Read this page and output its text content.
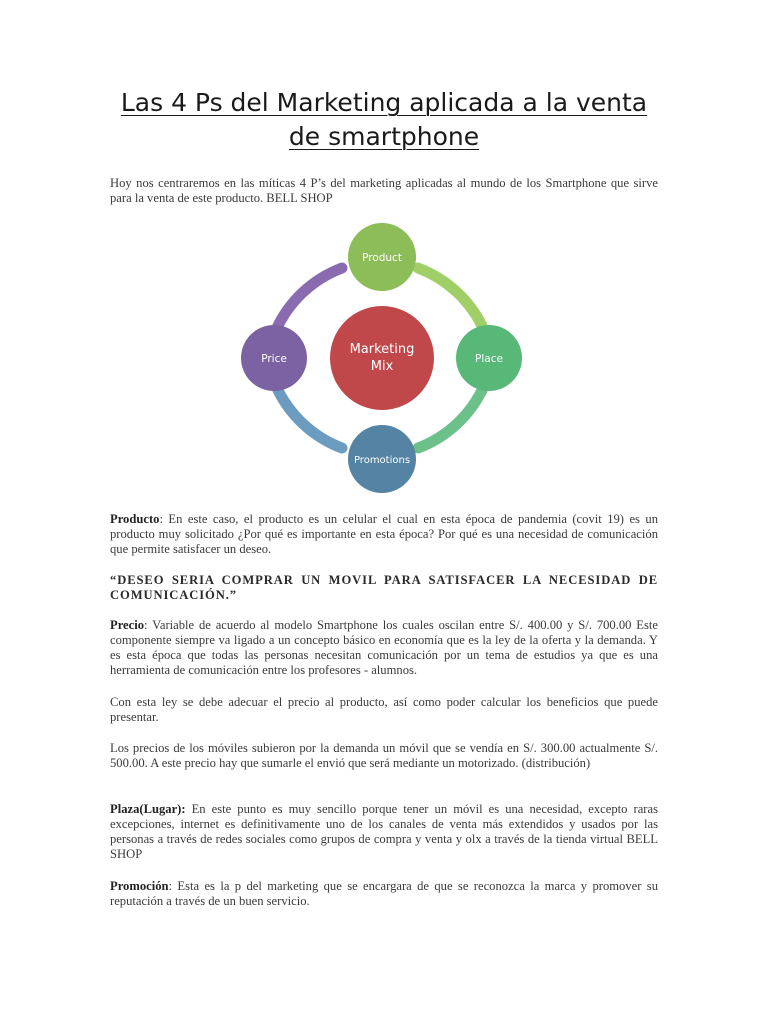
Las 4 Ps del Marketing aplicada a la venta
de smartphone
Hoy nos centraremos en las míticas 4 P’s del marketing aplicadas al mundo de los Smartphone que sirve para la venta de este producto. BELL SHOP
Marketing
Mix
Product
Place
Promotions
Price
Producto: En este caso, el producto es un celular el cual en esta época de pandemia (covit 19) es un producto muy solicitado ¿Por qué es importante en esta época? Por qué es una necesidad de comunicación que permite satisfacer un deseo.
“DESEO SERIA COMPRAR UN MOVIL PARA SATISFACER LA NECESIDAD DE COMUNICACIÓN.”
Precio: Variable de acuerdo al modelo Smartphone los cuales oscilan entre S/. 400.00 y S/. 700.00 Este componente siempre va ligado a un concepto básico en economía que es la ley de la oferta y la demanda. Y es esta época que todas las personas necesitan comunicación por un tema de estudios ya que es una herramienta de comunicación entre los profesores - alumnos.
Con esta ley se debe adecuar el precio al producto, así como poder calcular los beneficios que puede presentar.
Los precios de los móviles subieron por la demanda un móvil que se vendía en S/. 300.00 actualmente S/. 500.00. A este precio hay que sumarle el envió que será mediante un motorizado. (distribución)
Plaza(Lugar): En este punto es muy sencillo porque tener un móvil es una necesidad, excepto raras excepciones, internet es definitivamente uno de los canales de venta más extendidos y usados por las personas a través de redes sociales como grupos de compra y venta y olx a través de la tienda virtual BELL SHOP
Promoción: Esta es la p del marketing que se encargara de que se reconozca la marca y promover su reputación a través de un buen servicio.
